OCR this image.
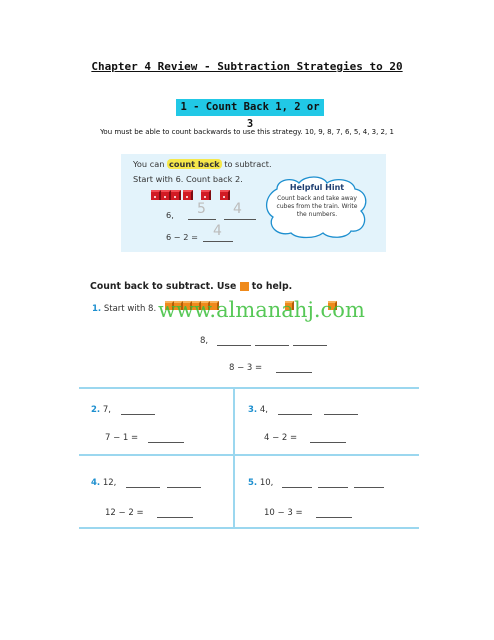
Chapter 4 Review - Subtraction Strategies to 20
1 - Count Back 1, 2 or 3
You must be able to count backwards to use this strategy. 10, 9, 8, 7, 6, 5, 4, 3, 2, 1
You can count back to subtract.
Start with 6. Count back 2.
6, 5 4
6 − 2 = 4
Helpful Hint
Count back and take away cubes from the train. Write the numbers.
Count back to subtract. Use to help.
1. Start with 8. www.almanahj.com
8,
8 − 3 =
2. 7,
7 − 1 =
3. 4,
4 − 2 =
4. 12,
12 − 2 =
5. 10,
10 − 3 =
